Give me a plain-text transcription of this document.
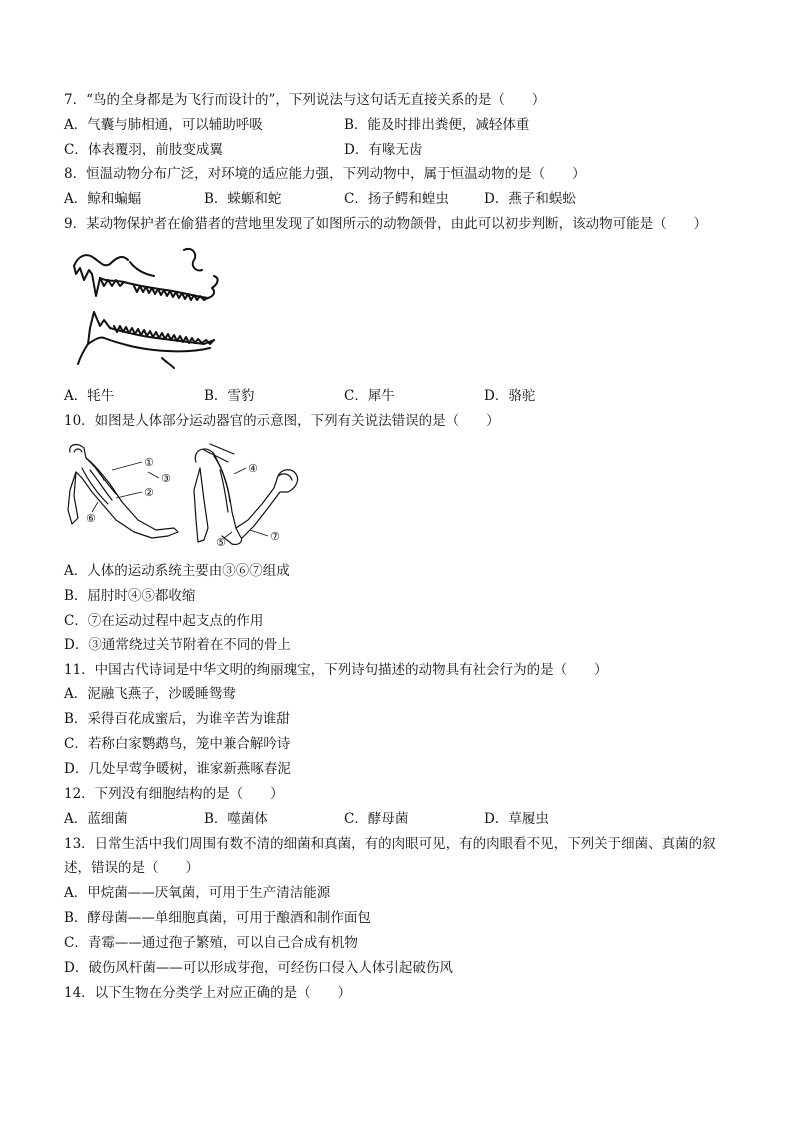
7．“鸟的全身都是为飞行而设计的”，下列说法与这句话无直接关系的是（　　）
A．气囊与肺相通，可以辅助呼吸	B．能及时排出粪便，减轻体重
C．体表覆羽，前肢变成翼	D．有喙无齿
8．恒温动物分布广泛，对环境的适应能力强，下列动物中，属于恒温动物的是（　　）
A．鲸和蝙蝠	B．蝾螈和蛇	C．扬子鳄和蝗虫	D．燕子和蜈蚣
9．某动物保护者在偷猎者的营地里发现了如图所示的动物颌骨，由此可以初步判断，该动物可能是（　　）
A．牦牛	B．雪豹	C．犀牛	D．骆驼
10．如图是人体部分运动器官的示意图，下列有关说法错误的是（　　）
①
②
③
④
⑤
⑥
⑦
A．人体的运动系统主要由③⑥⑦组成
B．屈肘时④⑤都收缩
C．⑦在运动过程中起支点的作用
D．③通常绕过关节附着在不同的骨上
11．中国古代诗词是中华文明的绚丽瑰宝，下列诗句描述的动物具有社会行为的是（　　）
A．泥融飞燕子，沙暖睡鸳鸯
B．采得百花成蜜后，为谁辛苦为谁甜
C．若称白家鹦鹉鸟，笼中兼合解吟诗
D．几处早莺争暖树，谁家新燕啄春泥
12．下列没有细胞结构的是（　　）
A．蓝细菌	B．噬菌体	C．酵母菌	D．草履虫
13．日常生活中我们周围有数不清的细菌和真菌，有的肉眼可见，有的肉眼看不见，下列关于细菌、真菌的叙
述，错误的是（　　）
A．甲烷菌——厌氧菌，可用于生产清洁能源
B．酵母菌——单细胞真菌，可用于酿酒和制作面包
C．青霉——通过孢子繁殖，可以自己合成有机物
D．破伤风杆菌——可以形成芽孢，可经伤口侵入人体引起破伤风
14．以下生物在分类学上对应正确的是（　　）
